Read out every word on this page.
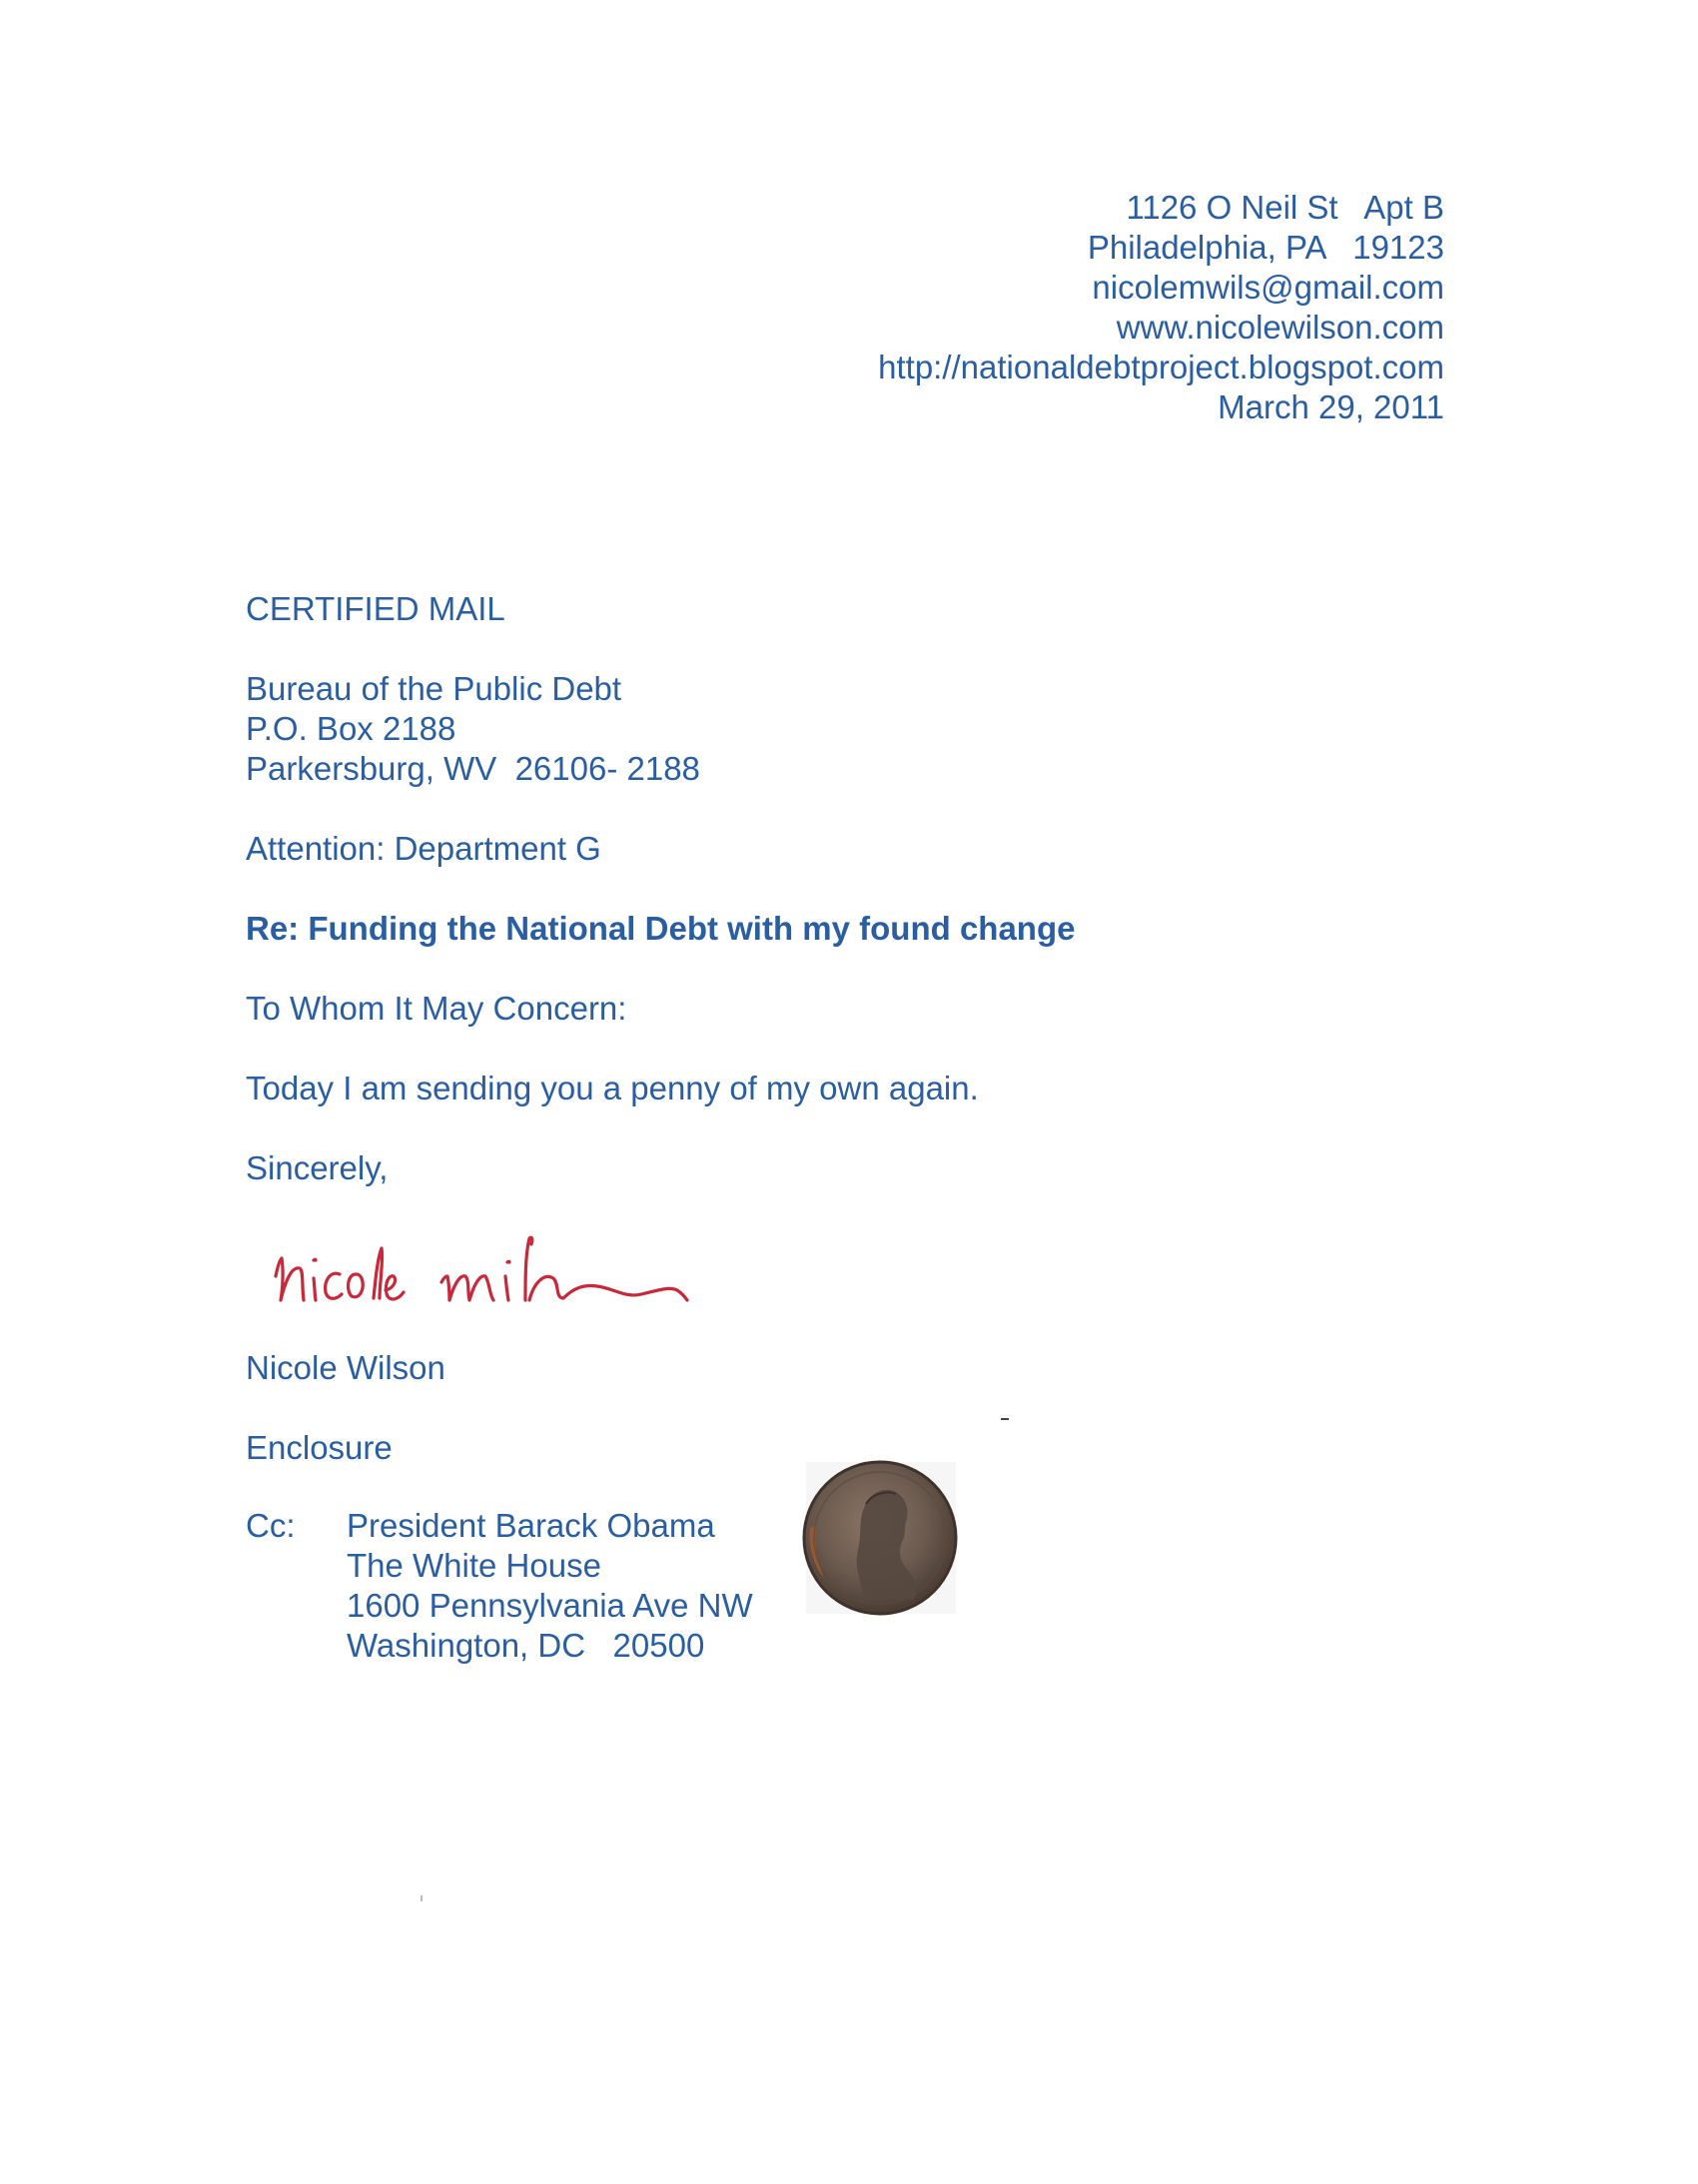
1126 O Neil St   Apt B
Philadelphia, PA   19123
nicolemwils@gmail.com
www.nicolewilson.com
http://nationaldebtproject.blogspot.com
March 29, 2011
CERTIFIED MAIL
Bureau of the Public Debt
P.O. Box 2188
Parkersburg, WV  26106- 2188
Attention: Department G
Re: Funding the National Debt with my found change
To Whom It May Concern:
Today I am sending you a penny of my own again.
Sincerely,
Nicole Wilson
Enclosure
Cc: President Barack Obama
The White House
1600 Pennsylvania Ave NW
Washington, DC   20500
